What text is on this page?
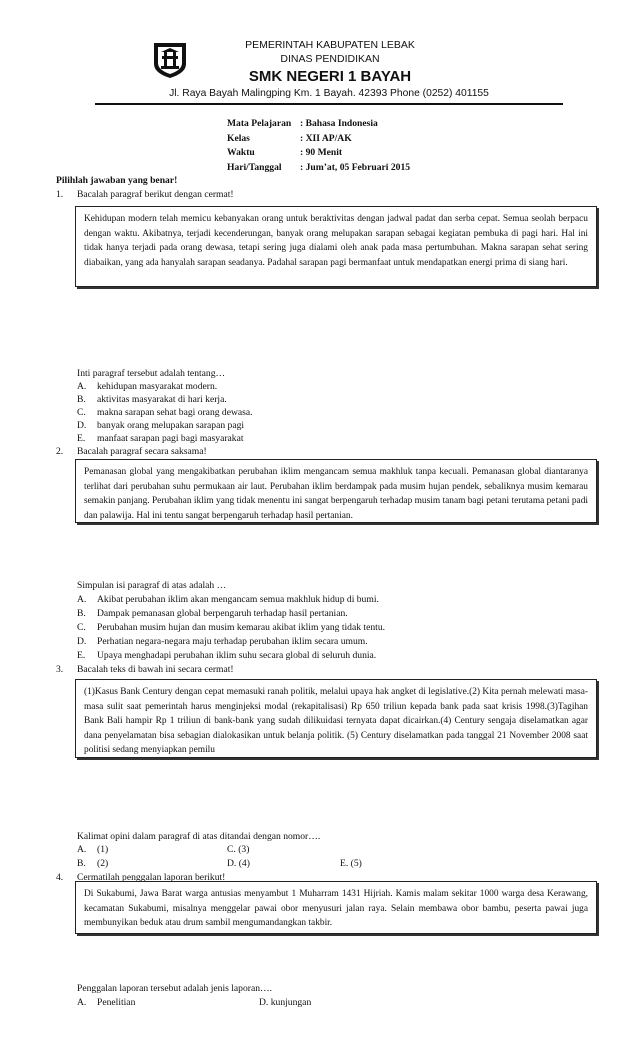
PEMERINTAH KABUPATEN LEBAK
DINAS PENDIDIKAN
SMK NEGERI 1 BAYAH
Jl. Raya Bayah Malingping Km. 1 Bayah. 42393 Phone (0252) 401155
Mata Pelajaran : Bahasa Indonesia
Kelas	: XII AP/AK
Waktu	: 90 Menit
Hari/Tanggal : Jum’at, 05 Februari 2015
Pilihlah jawaban yang benar!
1. Bacalah paragraf berikut dengan cermat!
Kehidupan modern telah memicu kebanyakan orang untuk beraktivitas dengan jadwal padat dan serba cepat. Semua seolah berpacu dengan waktu. Akibatnya, terjadi kecenderungan, banyak orang melupakan sarapan sebagai kegiatan pembuka di pagi hari. Hal ini tidak hanya terjadi pada orang dewasa, tetapi sering juga dialami oleh anak pada masa pertumbuhan. Makna sarapan sehat sering diabaikan, yang ada hanyalah sarapan seadanya. Padahal sarapan pagi bermanfaat untuk mendapatkan energi prima di siang hari.
Inti paragraf tersebut adalah tentang…
A. kehidupan masyarakat modern.
B. aktivitas masyarakat di hari kerja.
C. makna sarapan sehat bagi orang dewasa.
D. banyak orang melupakan sarapan pagi
E. manfaat sarapan pagi bagi masyarakat
2. Bacalah paragraf secara saksama!
Pemanasan global yang mengakibatkan perubahan iklim mengancam semua makhluk tanpa kecuali. Pemanasan global diantaranya terlihat dari perubahan suhu permukaan air laut. Perubahan iklim berdampak pada musim hujan pendek, sebaliknya musim kemarau semakin panjang. Perubahan iklim yang tidak menentu ini sangat berpengaruh terhadap musim tanam bagi petani terutama petani padi dan palawija. Hal ini tentu sangat berpengaruh terhadap hasil pertanian.
Simpulan isi paragraf di atas adalah …
A. Akibat perubahan iklim akan mengancam semua makhluk hidup di bumi.
B. Dampak pemanasan global berpengaruh terhadap hasil pertanian.
C. Perubahan musim hujan dan musim kemarau akibat iklim yang tidak tentu.
D. Perhatian negara-negara maju terhadap perubahan iklim secara umum.
E. Upaya menghadapi perubahan iklim suhu secara global di seluruh dunia.
3. Bacalah teks di bawah ini secara cermat!
(1)Kasus Bank Century dengan cepat memasuki ranah politik, melalui upaya hak angket di legislative.(2) Kita pernah melewati masa-masa sulit saat pemerintah harus menginjeksi modal (rekapitalisasi) Rp 650 triliun kepada bank pada saat krisis 1998.(3)Tagihan Bank Bali hampir Rp 1 triliun di bank-bank yang sudah dilikuidasi ternyata dapat dicairkan.(4) Century sengaja diselamatkan agar dana penyelamatan bisa sebagian dialokasikan untuk belanja politik. (5) Century diselamatkan pada tanggal 21 November 2008 saat politisi sedang menyiapkan pemilu
Kalimat opini dalam paragraf di atas ditandai dengan nomor….
A. (1)	C. (3)
B. (2)	D. (4)	E. (5)
4. Cermatilah penggalan laporan berikut!
Di Sukabumi, Jawa Barat warga antusias menyambut 1 Muharram 1431 Hijriah. Kamis malam sekitar 1000 warga desa Kerawang, kecamatan Sukabumi, misalnya menggelar pawai obor menyusuri jalan raya. Selain membawa obor bambu, peserta pawai juga membunyikan beduk atau drum sambil mengumandangkan takbir.
Penggalan laporan tersebut adalah jenis laporan….
A. Penelitian	D. kunjungan
